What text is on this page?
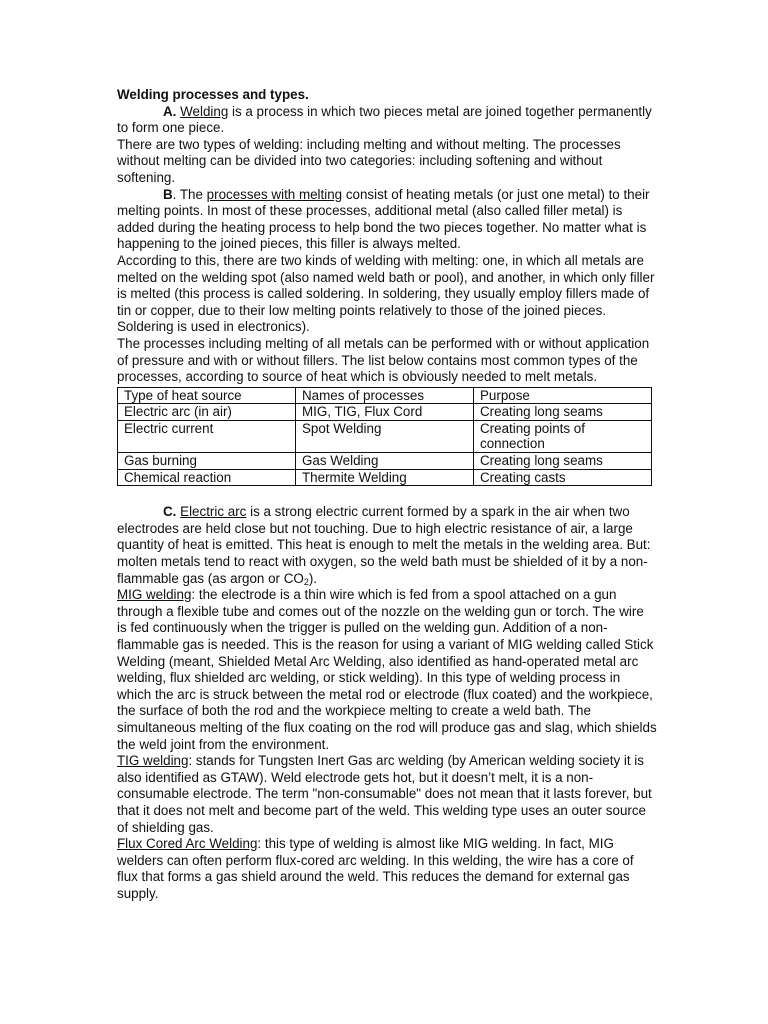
Welding processes and types.

A. Welding is a process in which two pieces metal are joined together permanently to form one piece.

There are two types of welding: including melting and without melting. The processes without melting can be divided into two categories: including softening and without softening.

B. The processes with melting consist of heating metals (or just one metal) to their melting points. In most of these processes, additional metal (also called filler metal) is added during the heating process to help bond the two pieces together. No matter what is happening to the joined pieces, this filler is always melted.

According to this, there are two kinds of welding with melting: one, in which all metals are melted on the welding spot (also named weld bath or pool), and another, in which only filler is melted (this process is called soldering. In soldering, they usually employ fillers made of tin or copper, due to their low melting points relatively to those of the joined pieces. Soldering is used in electronics).

The processes including melting of all metals can be performed with or without application of pressure and with or without fillers. The list below contains most common types of the processes, according to source of heat which is obviously needed to melt metals.

Type of heat source	Names of processes	Purpose
Electric arc (in air)	MIG, TIG, Flux Cord	Creating long seams
Electric current	Spot Welding	Creating points of connection
Gas burning	Gas Welding	Creating long seams
Chemical reaction	Thermite Welding	Creating casts

C. Electric arc is a strong electric current formed by a spark in the air when two electrodes are held close but not touching. Due to high electric resistance of air, a large quantity of heat is emitted. This heat is enough to melt the metals in the welding area. But: molten metals tend to react with oxygen, so the weld bath must be shielded of it by a non-flammable gas (as argon or $CO_2$).

MIG welding: the electrode is a thin wire which is fed from a spool attached on a gun through a flexible tube and comes out of the nozzle on the welding gun or torch. The wire is fed continuously when the trigger is pulled on the welding gun. Addition of a non-flammable gas is needed. This is the reason for using a variant of MIG welding called Stick Welding (meant, Shielded Metal Arc Welding, also identified as hand-operated metal arc welding, flux shielded arc welding, or stick welding). In this type of welding process in which the arc is struck between the metal rod or electrode (flux coated) and the workpiece, the surface of both the rod and the workpiece melting to create a weld bath. The simultaneous melting of the flux coating on the rod will produce gas and slag, which shields the weld joint from the environment.

TIG welding: stands for Tungsten Inert Gas arc welding (by American welding society it is also identified as GTAW). Weld electrode gets hot, but it doesn’t melt, it is a non-consumable electrode. The term "non-consumable" does not mean that it lasts forever, but that it does not melt and become part of the weld. This welding type uses an outer source of shielding gas.

Flux Cored Arc Welding: this type of welding is almost like MIG welding. In fact, MIG welders can often perform flux-cored arc welding. In this welding, the wire has a core of flux that forms a gas shield around the weld. This reduces the demand for external gas supply.
